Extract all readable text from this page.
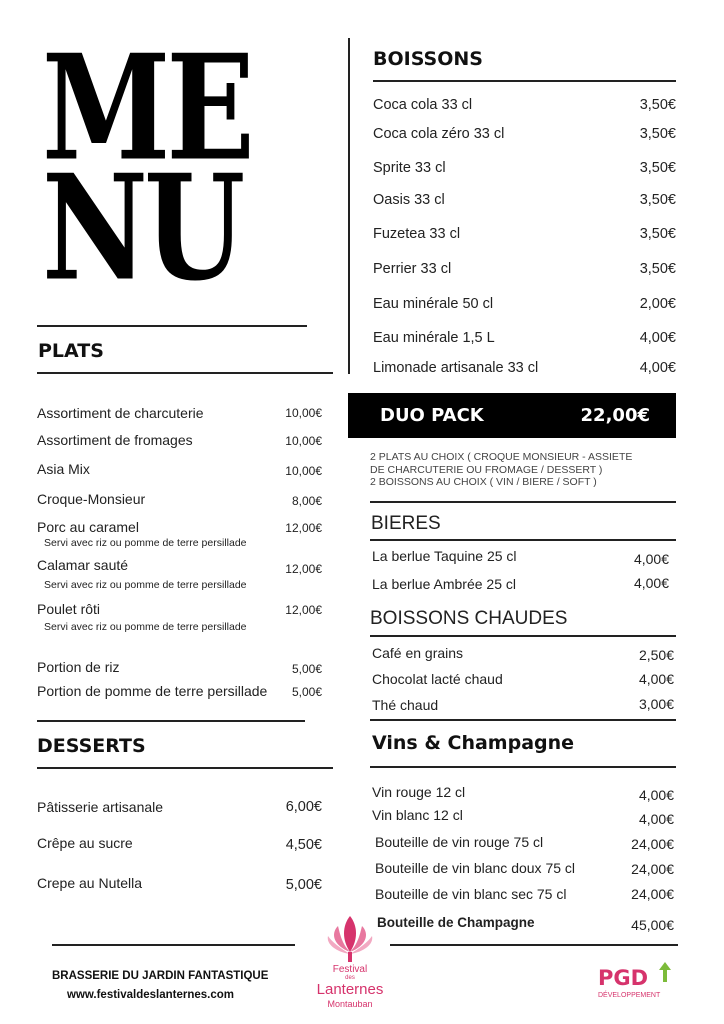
ME
NU
PLATS
Assortiment de charcuterie	10,00€
Assortiment de fromages	10,00€
Asia Mix	10,00€
Croque-Monsieur	8,00€
Porc au caramel	12,00€
Servi avec riz ou pomme de terre persillade
Calamar sauté	12,00€
Servi avec riz ou pomme de terre persillade
Poulet rôti	12,00€
Servi avec riz ou pomme de terre persillade
Portion de riz	5,00€
Portion de pomme de terre persillade 5,00€
DESSERTS
Pâtisserie artisanale	6,00€
Crêpe au sucre	4,50€
Crepe au Nutella	5,00€
BOISSONS
Coca cola 33 cl	3,50€
Coca cola zéro 33 cl	3,50€
Sprite 33 cl	3,50€
Oasis 33 cl	3,50€
Fuzetea 33 cl	3,50€
Perrier 33 cl	3,50€
Eau minérale 50 cl	2,00€
Eau minérale 1,5 L	4,00€
Limonade artisanale 33 cl	4,00€
DUO PACK	22,00€
2 PLATS AU CHOIX ( CROQUE MONSIEUR - ASSIETE
DE CHARCUTERIE OU FROMAGE / DESSERT )
2 BOISSONS AU CHOIX ( VIN / BIERE / SOFT )
BIERES
La berlue Taquine 25 cl	4,00€
La berlue Ambrée 25 cl	4,00€
BOISSONS CHAUDES
Café en grains	2,50€
Chocolat lacté chaud	4,00€
Thé chaud	3,00€
Vins & Champagne
Vin rouge 12 cl	4,00€
Vin blanc 12 cl	4,00€
Bouteille de vin rouge 75 cl	24,00€
Bouteille de vin blanc doux 75 cl	24,00€
Bouteille de vin blanc sec 75 cl	24,00€
Bouteille de Champagne	45,00€
BRASSERIE DU JARDIN FANTASTIQUE
www.festivaldeslanternes.com
Festival
des
Lanternes
Montauban
PGD
DÉVELOPPEMENT
